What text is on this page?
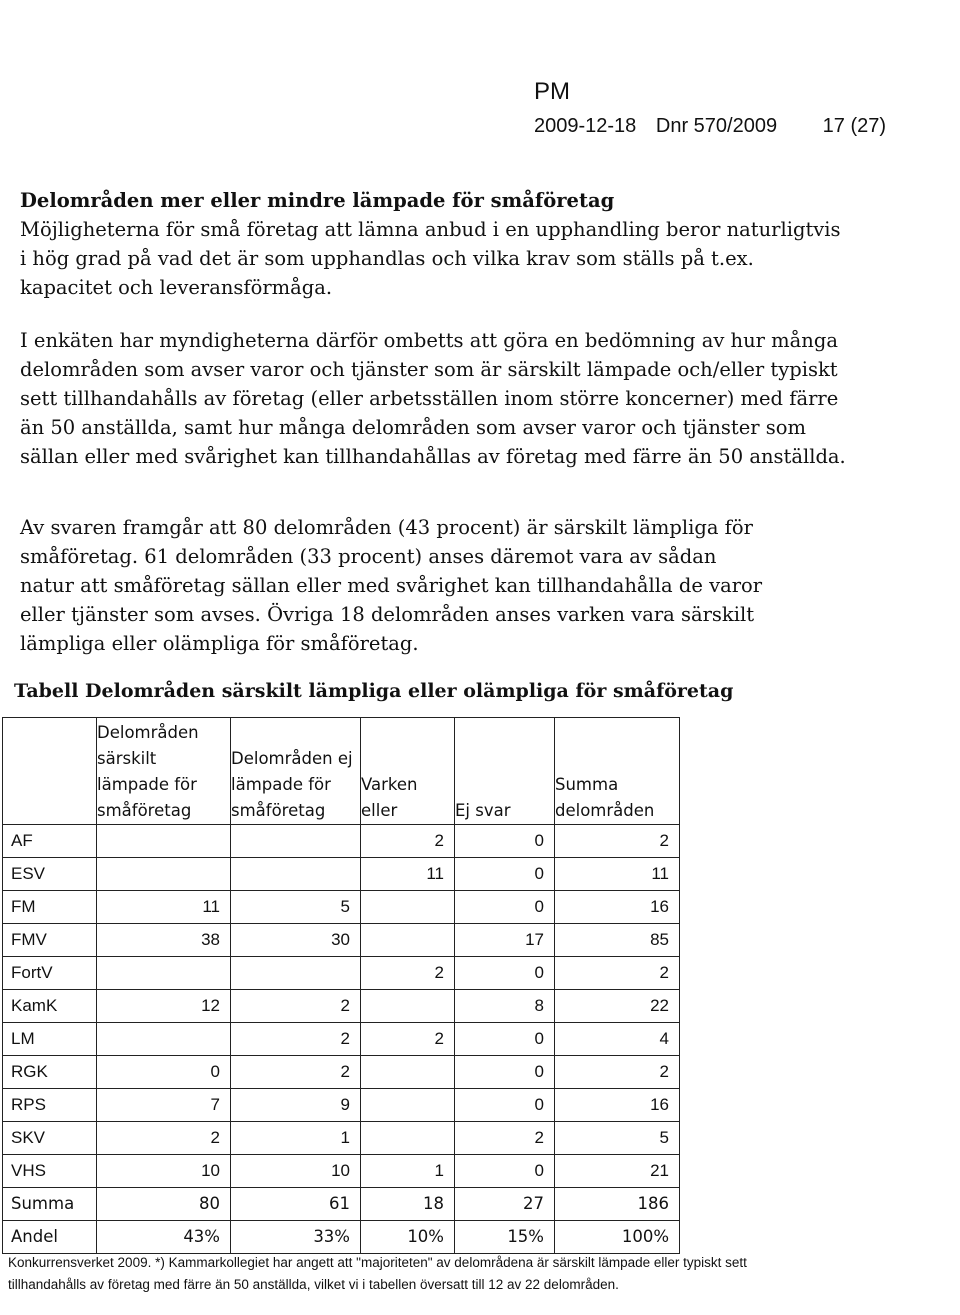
PM
2009-12-18 Dnr 570/2009 17 (27)

Delområden mer eller mindre lämpade för småföretag

Möjligheterna för små företag att lämna anbud i en upphandling beror naturligtvis i hög grad på vad det är som upphandlas och vilka krav som ställs på t.ex. kapacitet och leveransförmåga.

I enkäten har myndigheterna därför ombetts att göra en bedömning av hur många delområden som avser varor och tjänster som är särskilt lämpade och/eller typiskt sett tillhandahålls av företag (eller arbetsställen inom större koncerner) med färre än 50 anställda, samt hur många delområden som avser varor och tjänster som sällan eller med svårighet kan tillhandahållas av företag med färre än 50 anställda.

Av svaren framgår att 80 delområden (43 procent) är särskilt lämpliga för småföretag. 61 delområden (33 procent) anses däremot vara av sådan natur att småföretag sällan eller med svårighet kan tillhandahålla de varor eller tjänster som avses. Övriga 18 delområden anses varken vara särskilt lämpliga eller olämpliga för småföretag.

Tabell Delområden särskilt lämpliga eller olämpliga för småföretag
	Delområden särskilt lämpade för småföretag	Delområden ej lämpade för småföretag	Varken eller	Ej svar	Summa delområden
AF			2	0	2
ESV			11	0	11
FM	11	5		0	16
FMV	38	30		17	85
FortV			2	0	2
KamK	12	2		8	22
LM		2	2	0	4
RGK	0	2		0	2
RPS	7	9		0	16
SKV	2	1		2	5
VHS	10	10	1	0	21
Summa	80	61	18	27	186
Andel	43%	33%	10%	15%	100%
Konkurrensverket 2009. *) Kammarkollegiet har angett att "majoriteten" av delområdena är särskilt lämpade eller typiskt sett tillhandahålls av företag med färre än 50 anställda, vilket vi i tabellen översatt till 12 av 22 delområden.
